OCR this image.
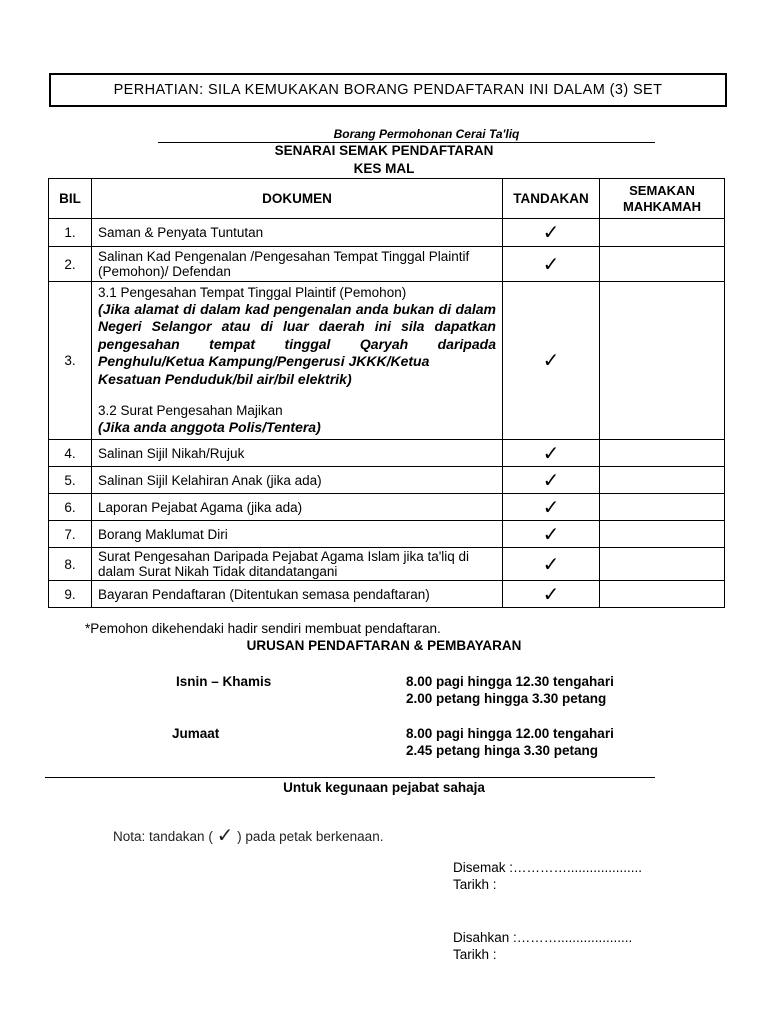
PERHATIAN: SILA KEMUKAKAN BORANG PENDAFTARAN INI DALAM (3) SET
Borang Permohonan Cerai Ta'liq
SENARAI SEMAK PENDAFTARAN
KES MAL
BIL	DOKUMEN	TANDAKAN	SEMAKAN MAHKAMAH
1.	Saman & Penyata Tuntutan	✓	
2.	Salinan Kad Pengenalan /Pengesahan Tempat Tinggal Plaintif (Pemohon)/ Defendan	✓	
3.	3.1 Pengesahan Tempat Tinggal Plaintif (Pemohon)
(Jika alamat di dalam kad pengenalan anda bukan di dalam Negeri Selangor atau di luar daerah ini sila dapatkan pengesahan tempat tinggal Qaryah daripada Penghulu/Ketua Kampung/Pengerusi JKKK/Ketua
Kesatuan Penduduk/bil air/bil elektrik)
3.2 Surat Pengesahan Majikan
(Jika anda anggota Polis/Tentera)	✓	
4.	Salinan Sijil Nikah/Rujuk	✓	
5.	Salinan Sijil Kelahiran Anak (jika ada)	✓	
6.	Laporan Pejabat Agama (jika ada)	✓	
7.	Borang Maklumat Diri	✓	
8.	Surat Pengesahan Daripada Pejabat Agama Islam jika ta'liq di dalam Surat Nikah Tidak ditandatangani	✓	
9.	Bayaran Pendaftaran (Ditentukan semasa pendaftaran)	✓	
*Pemohon dikehendaki hadir sendiri membuat pendaftaran.
URUSAN PENDAFTARAN & PEMBAYARAN
Isnin – Khamis	8.00 pagi hingga 12.30 tengahari
2.00 petang hingga 3.30 petang
Jumaat	8.00 pagi hingga 12.00 tengahari
2.45 petang hinga 3.30 petang
Untuk kegunaan pejabat sahaja
Nota: tandakan ( ✓ ) pada petak berkenaan.
Disemak :…………....................
Tarikh :
Disahkan :………....................
Tarikh :
